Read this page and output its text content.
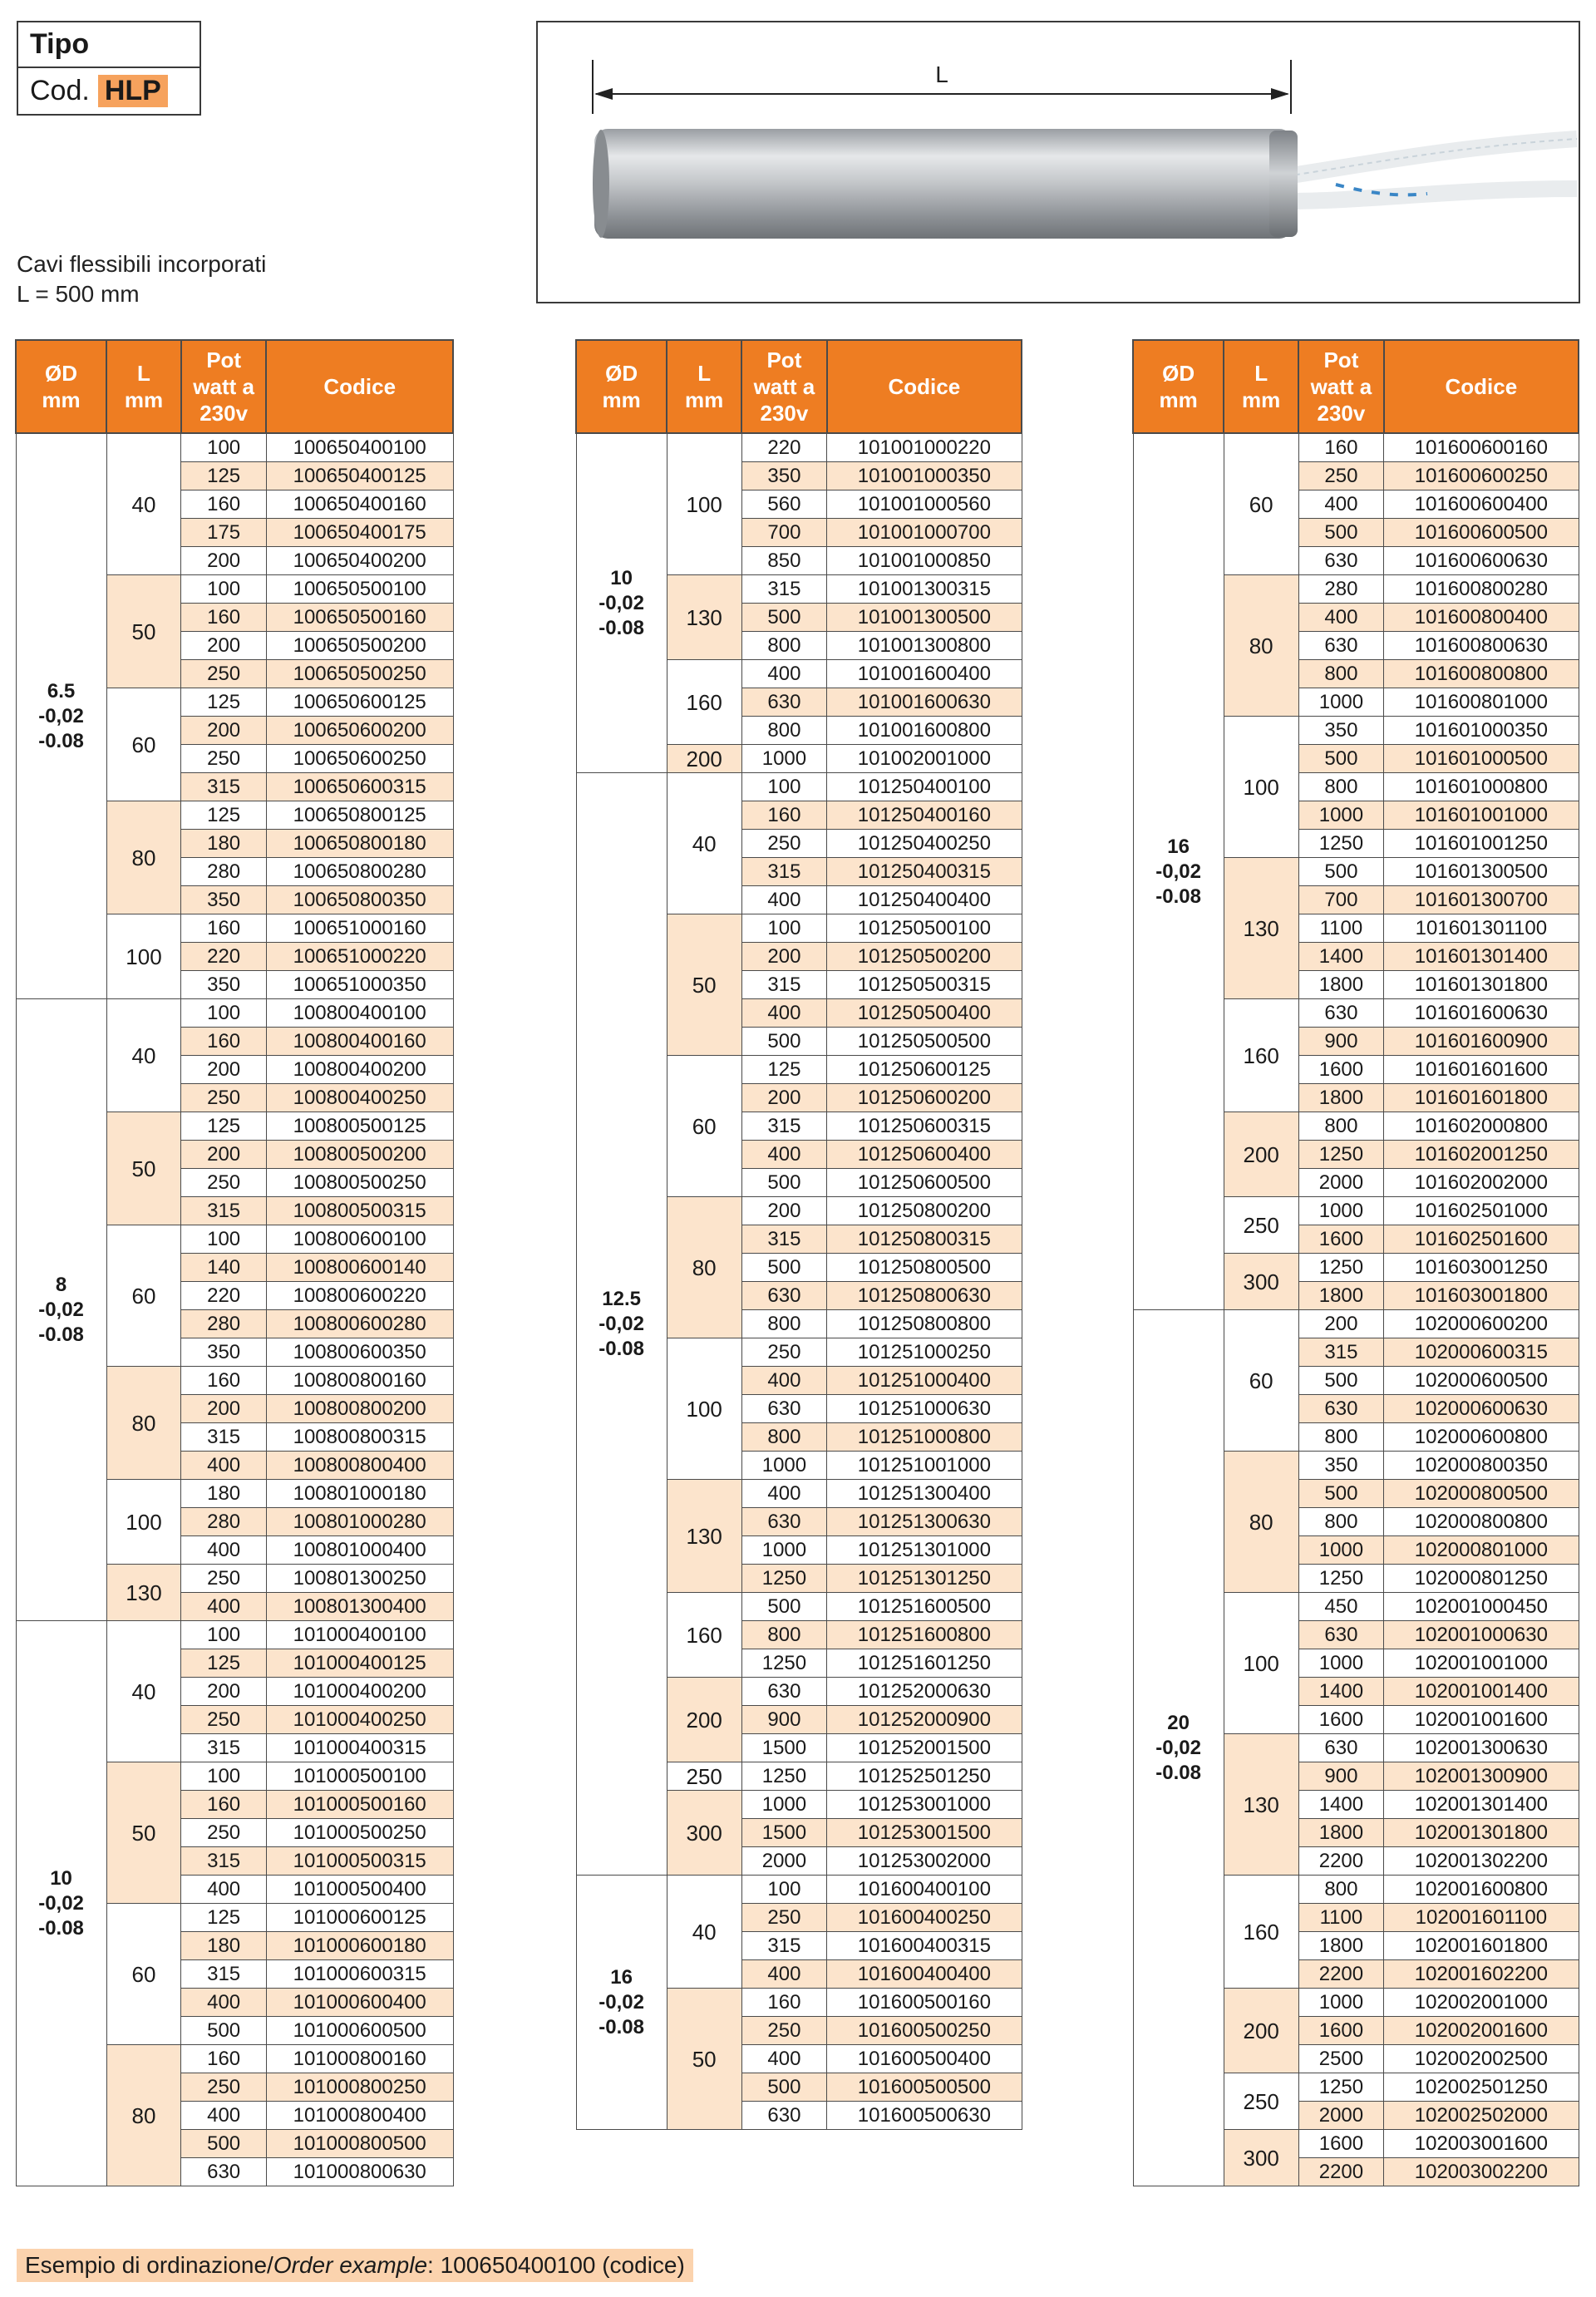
Tipo
Cod. HLP
L
Cavi flessibili incorporati
L = 500 mm
ØD
mm	L
mm	Pot
watt a
230v	Codice
6.5
-0,02
-0.08	40	100	100650400100
		125	100650400125
		160	100650400160
		175	100650400175
		200	100650400200
	50	100	100650500100
		160	100650500160
		200	100650500200
		250	100650500250
	60	125	100650600125
		200	100650600200
		250	100650600250
		315	100650600315
	80	125	100650800125
		180	100650800180
		280	100650800280
		350	100650800350
	100	160	100651000160
		220	100651000220
		350	100651000350
8
-0,02
-0.08	40	100	100800400100
		160	100800400160
		200	100800400200
		250	100800400250
	50	125	100800500125
		200	100800500200
		250	100800500250
		315	100800500315
	60	100	100800600100
		140	100800600140
		220	100800600220
		280	100800600280
		350	100800600350
	80	160	100800800160
		200	100800800200
		315	100800800315
		400	100800800400
	100	180	100801000180
		280	100801000280
		400	100801000400
	130	250	100801300250
		400	100801300400
10
-0,02
-0.08	40	100	101000400100
		125	101000400125
		200	101000400200
		250	101000400250
		315	101000400315
	50	100	101000500100
		160	101000500160
		250	101000500250
		315	101000500315
		400	101000500400
	60	125	101000600125
		180	101000600180
		315	101000600315
		400	101000600400
		500	101000600500
	80	160	101000800160
		250	101000800250
		400	101000800400
		500	101000800500
		630	101000800630
ØD
mm	L
mm	Pot
watt a
230v	Codice
10
-0,02
-0.08	100	220	101001000220
		350	101001000350
		560	101001000560
		700	101001000700
		850	101001000850
	130	315	101001300315
		500	101001300500
		800	101001300800
	160	400	101001600400
		630	101001600630
		800	101001600800
	200	1000	101002001000
12.5
-0,02
-0.08	40	100	101250400100
		160	101250400160
		250	101250400250
		315	101250400315
		400	101250400400
	50	100	101250500100
		200	101250500200
		315	101250500315
		400	101250500400
		500	101250500500
	60	125	101250600125
		200	101250600200
		315	101250600315
		400	101250600400
		500	101250600500
	80	200	101250800200
		315	101250800315
		500	101250800500
		630	101250800630
		800	101250800800
	100	250	101251000250
		400	101251000400
		630	101251000630
		800	101251000800
		1000	101251001000
	130	400	101251300400
		630	101251300630
		1000	101251301000
		1250	101251301250
	160	500	101251600500
		800	101251600800
		1250	101251601250
	200	630	101252000630
		900	101252000900
		1500	101252001500
	250	1250	101252501250
	300	1000	101253001000
		1500	101253001500
		2000	101253002000
16
-0,02
-0.08	40	100	101600400100
		250	101600400250
		315	101600400315
		400	101600400400
	50	160	101600500160
		250	101600500250
		400	101600500400
		500	101600500500
		630	101600500630
ØD
mm	L
mm	Pot
watt a
230v	Codice
16
-0,02
-0.08	60	160	101600600160
		250	101600600250
		400	101600600400
		500	101600600500
		630	101600600630
	80	280	101600800280
		400	101600800400
		630	101600800630
		800	101600800800
		1000	101600801000
	100	350	101601000350
		500	101601000500
		800	101601000800
		1000	101601001000
		1250	101601001250
	130	500	101601300500
		700	101601300700
		1100	101601301100
		1400	101601301400
		1800	101601301800
	160	630	101601600630
		900	101601600900
		1600	101601601600
		1800	101601601800
	200	800	101602000800
		1250	101602001250
		2000	101602002000
	250	1000	101602501000
		1600	101602501600
	300	1250	101603001250
		1800	101603001800
20
-0,02
-0.08	60	200	102000600200
		315	102000600315
		500	102000600500
		630	102000600630
		800	102000600800
	80	350	102000800350
		500	102000800500
		800	102000800800
		1000	102000801000
		1250	102000801250
	100	450	102001000450
		630	102001000630
		1000	102001001000
		1400	102001001400
		1600	102001001600
	130	630	102001300630
		900	102001300900
		1400	102001301400
		1800	102001301800
		2200	102001302200
	160	800	102001600800
		1100	102001601100
		1800	102001601800
		2200	102001602200
	200	1000	102002001000
		1600	102002001600
		2500	102002002500
	250	1250	102002501250
		2000	102002502000
	300	1600	102003001600
		2200	102003002200
Esempio di ordinazione/Order example: 100650400100 (codice)
